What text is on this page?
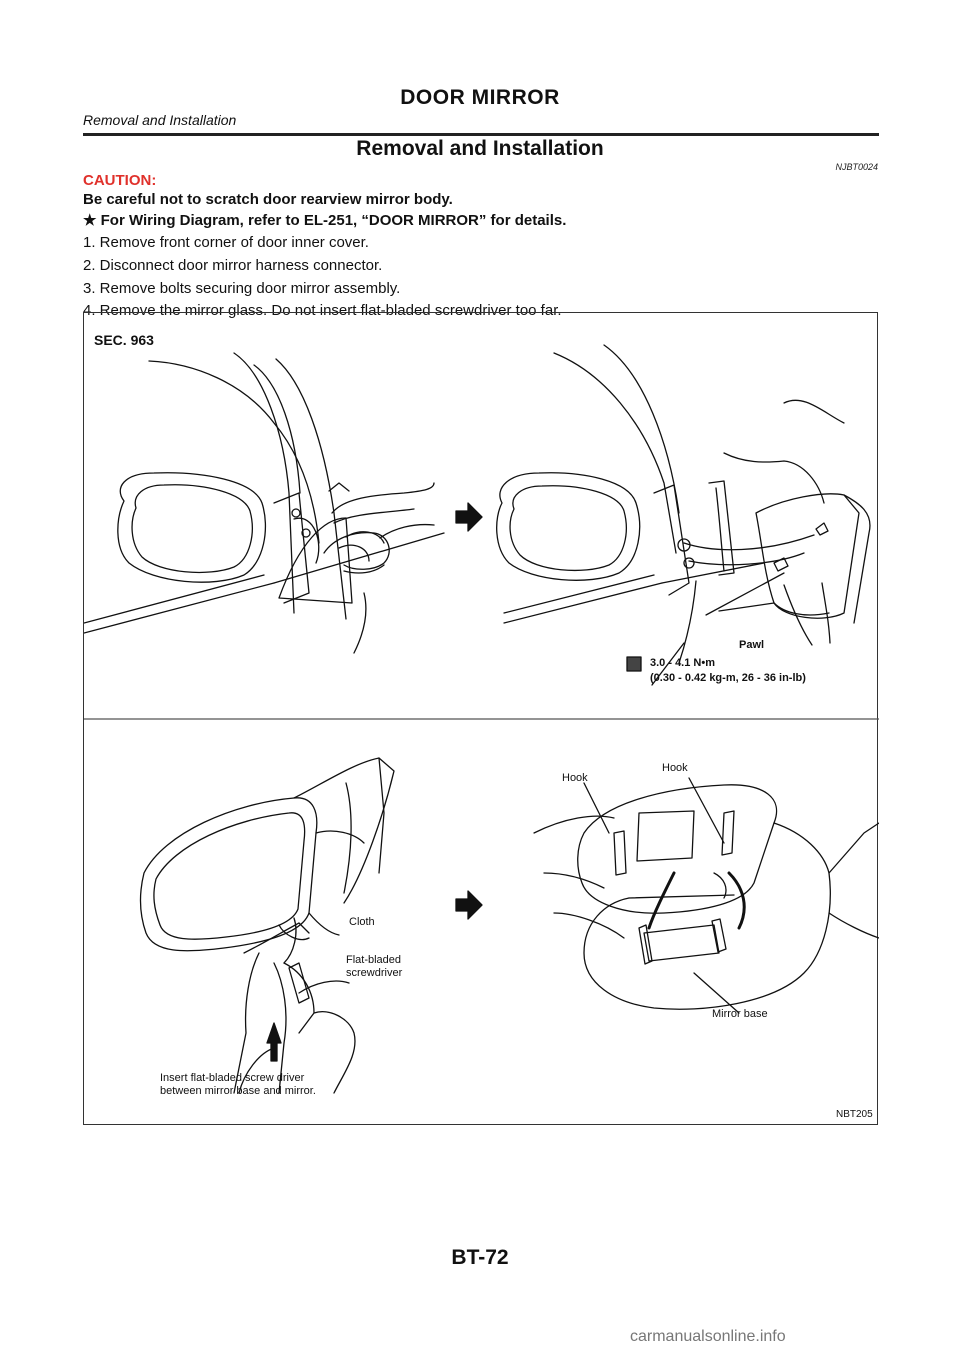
DOOR MIRROR
Removal and Installation
Removal and Installation
NJBT0024
CAUTION:
Be careful not to scratch door rearview mirror body.
★ For Wiring Diagram, refer to EL-251, “DOOR MIRROR” for details.
1. Remove front corner of door inner cover.
2. Disconnect door mirror harness connector.
3. Remove bolts securing door mirror assembly.
4. Remove the mirror glass. Do not insert flat-bladed screwdriver too far.
SEC. 963
Pawl
3.0 - 4.1 N•m
(0.30 - 0.42 kg-m, 26 - 36 in-lb)
Cloth
Flat-bladed
screwdriver
Hook
Hook
Mirror base
Insert flat-bladed screw driver
between mirror base and mirror.
NBT205
BT-72
carmanualsonline.info
